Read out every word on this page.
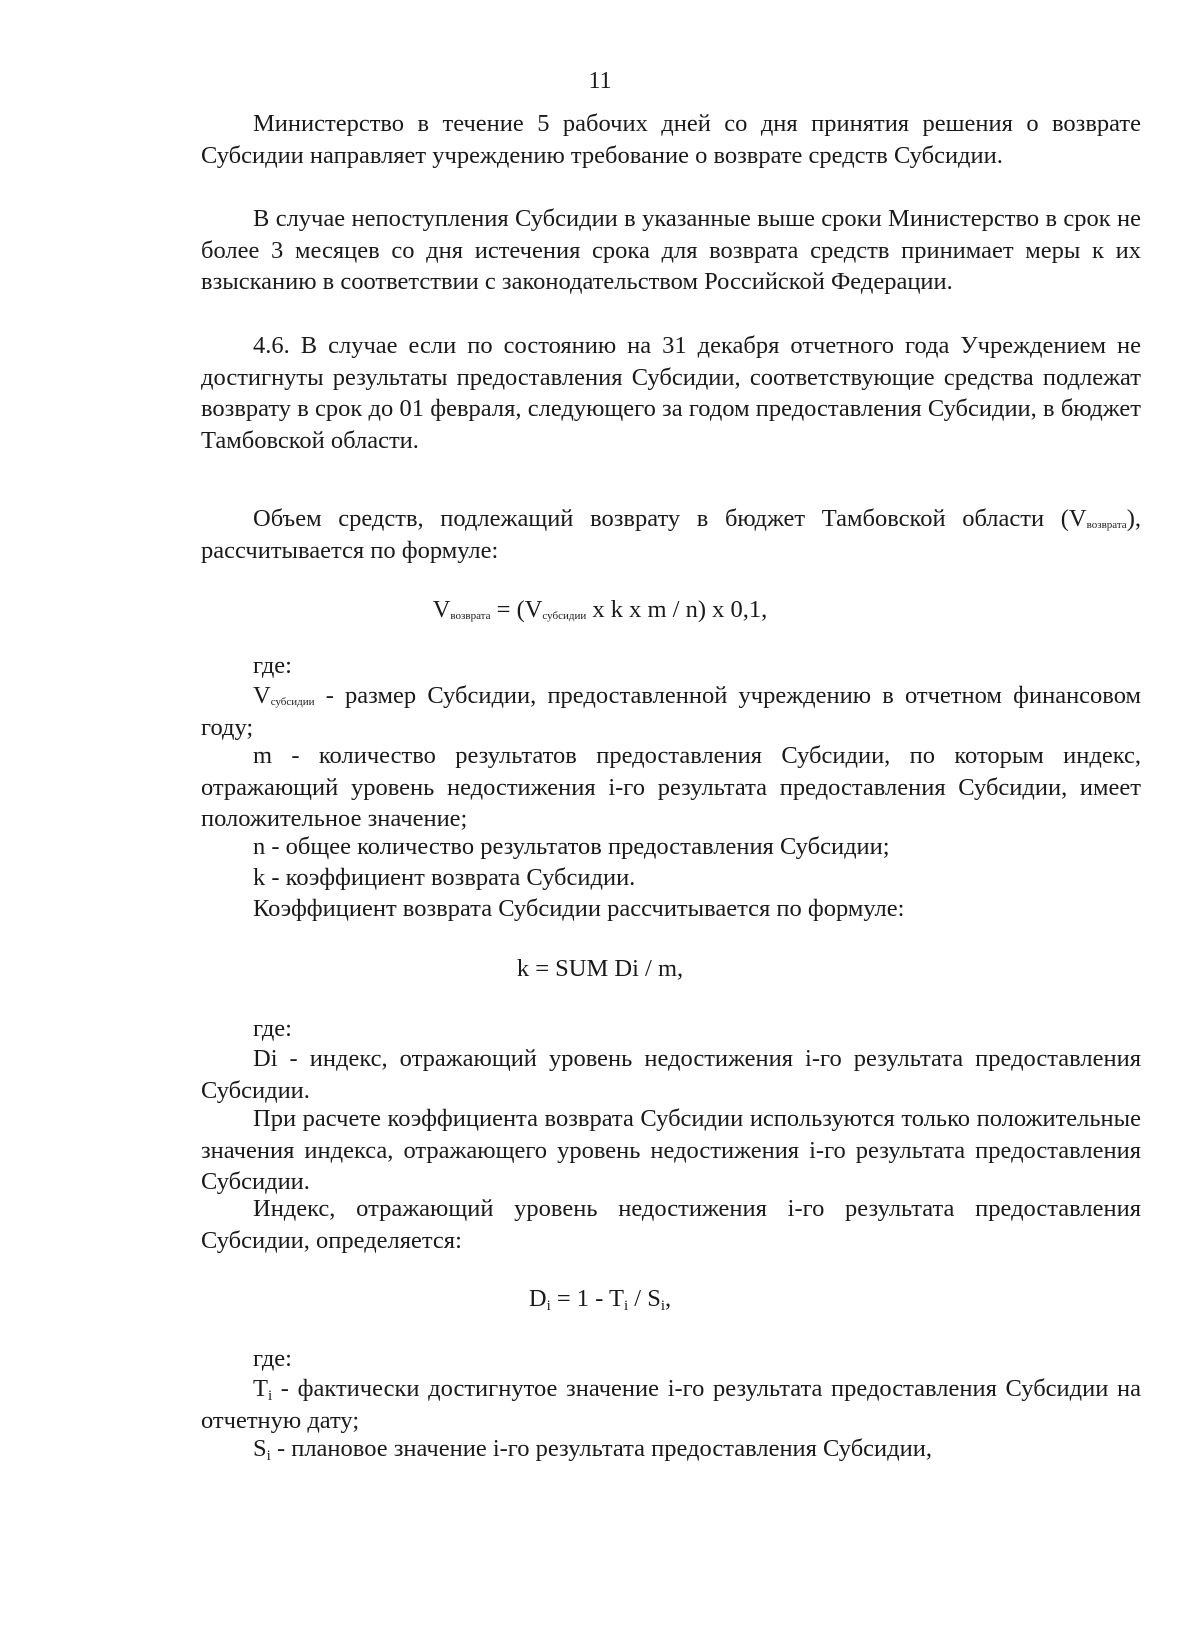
11

Министерство в течение 5 рабочих дней со дня принятия решения о возврате Субсидии направляет учреждению требование о возврате средств Субсидии.

В случае непоступления Субсидии в указанные выше сроки Министерство в срок не более 3 месяцев со дня истечения срока для возврата средств принимает меры к их взысканию в соответствии с законодательством Российской Федерации.

4.6. В случае если по состоянию на 31 декабря отчетного года Учреждением не достигнуты результаты предоставления Субсидии, соответствующие средства подлежат возврату в срок до 01 февраля, следующего за годом предоставления Субсидии, в бюджет Тамбовской области.

Объем средств, подлежащий возврату в бюджет Тамбовской области $(V_{возврата})$, рассчитывается по формуле:

$V_{возврата} = (V_{субсидии}$ x k x m / n) x 0,1,

где:

$V_{субсидии}$ - размер Субсидии, предоставленной учреждению в отчетном финансовом году;

m - количество результатов предоставления Субсидии, по которым индекс, отражающий уровень недостижения i-го результата предоставления Субсидии, имеет положительное значение;

n - общее количество результатов предоставления Субсидии;

k - коэффициент возврата Субсидии.

Коэффициент возврата Субсидии рассчитывается по формуле:

k = SUM Di / m,

где:

Di - индекс, отражающий уровень недостижения i-го результата предоставления Субсидии.

При расчете коэффициента возврата Субсидии используются только положительные значения индекса, отражающего уровень недостижения i-го результата предоставления Субсидии.

Индекс, отражающий уровень недостижения i-го результата предоставления Субсидии, определяется:

$D_i = 1 - T_i / S_i$,

где:

$T_i$ - фактически достигнутое значение i-го результата предоставления Субсидии на отчетную дату;

$S_i$ - плановое значение i-го результата предоставления Субсидии,
